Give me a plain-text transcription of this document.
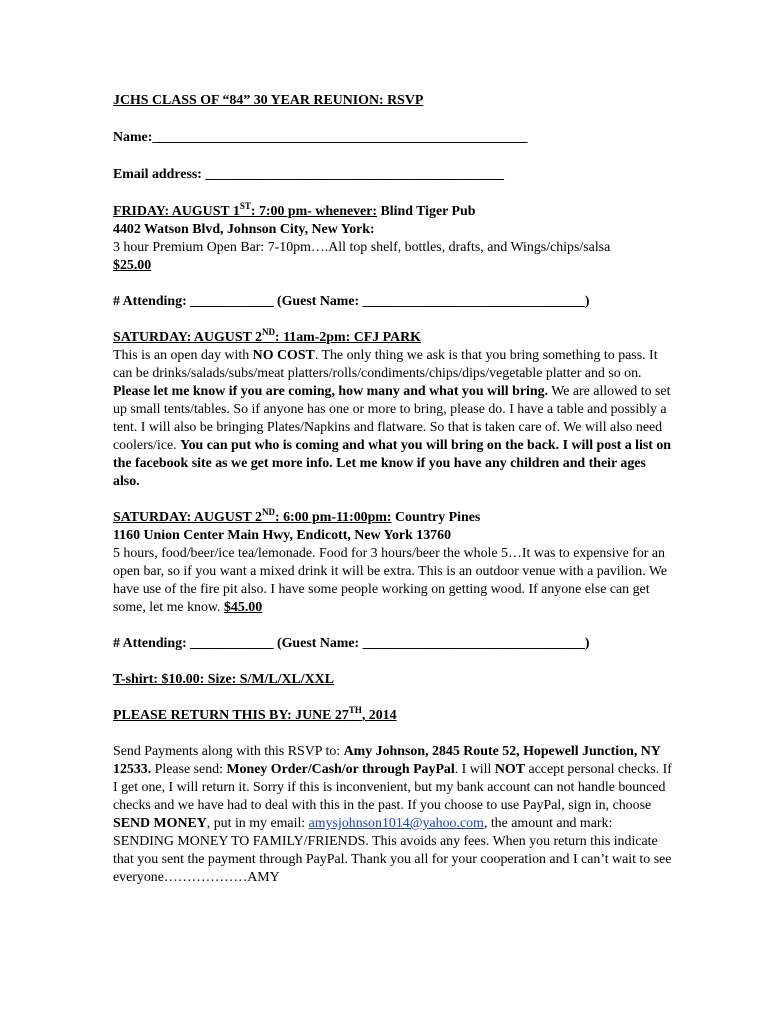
JCHS CLASS OF “84” 30 YEAR REUNION: RSVP

Name:______________________________________________________

Email address: ___________________________________________

FRIDAY: AUGUST 1ST: 7:00 pm- whenever: Blind Tiger Pub

4402 Watson Blvd, Johnson City, New York:

3 hour Premium Open Bar: 7-10pm….All top shelf, bottles, drafts, and Wings/chips/salsa

$25.00

# Attending: ____________ (Guest Name: ________________________________)

SATURDAY: AUGUST 2ND: 11am-2pm: CFJ PARK

This is an open day with NO COST. The only thing we ask is that you bring something to pass. It can be drinks/salads/subs/meat platters/rolls/condiments/chips/dips/vegetable platter and so on. Please let me know if you are coming, how many and what you will bring. We are allowed to set up small tents/tables. So if anyone has one or more to bring, please do. I have a table and possibly a tent. I will also be bringing Plates/Napkins and flatware. So that is taken care of. We will also need coolers/ice. You can put who is coming and what you will bring on the back. I will post a list on the facebook site as we get more info. Let me know if you have any children and their ages also.

SATURDAY: AUGUST 2ND: 6:00 pm-11:00pm: Country Pines

1160 Union Center Main Hwy, Endicott, New York 13760

5 hours, food/beer/ice tea/lemonade. Food for 3 hours/beer the whole 5…It was to expensive for an open bar, so if you want a mixed drink it will be extra. This is an outdoor venue with a pavilion. We have use of the fire pit also. I have some people working on getting wood. If anyone else can get some, let me know. $45.00

# Attending: ____________ (Guest Name: ________________________________)

T-shirt: $10.00: Size: S/M/L/XL/XXL

PLEASE RETURN THIS BY: JUNE 27TH, 2014

Send Payments along with this RSVP to: Amy Johnson, 2845 Route 52, Hopewell Junction, NY 12533. Please send: Money Order/Cash/or through PayPal. I will NOT accept personal checks. If I get one, I will return it. Sorry if this is inconvenient, but my bank account can not handle bounced checks and we have had to deal with this in the past. If you choose to use PayPal, sign in, choose SEND MONEY, put in my email: amysjohnson1014@yahoo.com, the amount and mark: SENDING MONEY TO FAMILY/FRIENDS. This avoids any fees. When you return this indicate that you sent the payment through PayPal. Thank you all for your cooperation and I can’t wait to see everyone………………AMY
